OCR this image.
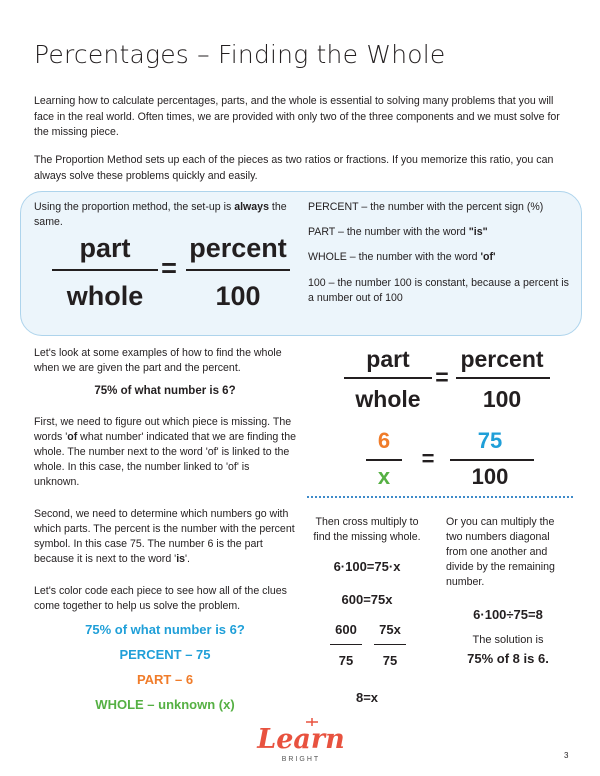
Percentages – Finding the Whole
Learning how to calculate percentages, parts, and the whole is essential to solving many problems that you will face in the real world. Often times, we are provided with only two of the three components and we must solve for the missing piece.
The Proportion Method sets up each of the pieces as two ratios or fractions. If you memorize this ratio, you can always solve these problems quickly and easily.
Using the proportion method, the set-up is always the same.
part
whole
=
percent
100
PERCENT – the number with the percent sign (%)
PART – the number with the word "is"
WHOLE – the number with the word 'of'
100 – the number 100 is constant, because a percent is a number out of 100
Let's look at some examples of how to find the whole when we are given the part and the percent.
75% of what number is 6?
First, we need to figure out which piece is missing. The words 'of what number' indicated that we are finding the whole. The number next to the word 'of' is linked to the whole. In this case, the number linked to 'of' is unknown.
Second, we need to determine which numbers go with which parts. The percent is the number with the percent symbol. In this case 75. The number 6 is the part because it is next to the word 'is'.
Let's color code each piece to see how all of the clues come together to help us solve the problem.
75% of what number is 6?
PERCENT – 75
PART – 6
WHOLE – unknown (x)
part
whole
=
percent
100
6
x
=
75
100
Then cross multiply to find the missing whole.
6·100=75·x
600=75x
600
75
75x
75
8=x
Or you can multiply the two numbers diagonal from one another and divide by the remaining number.
6·100÷75=8
The solution is
75% of 8 is 6.
Learn
BRIGHT	3
